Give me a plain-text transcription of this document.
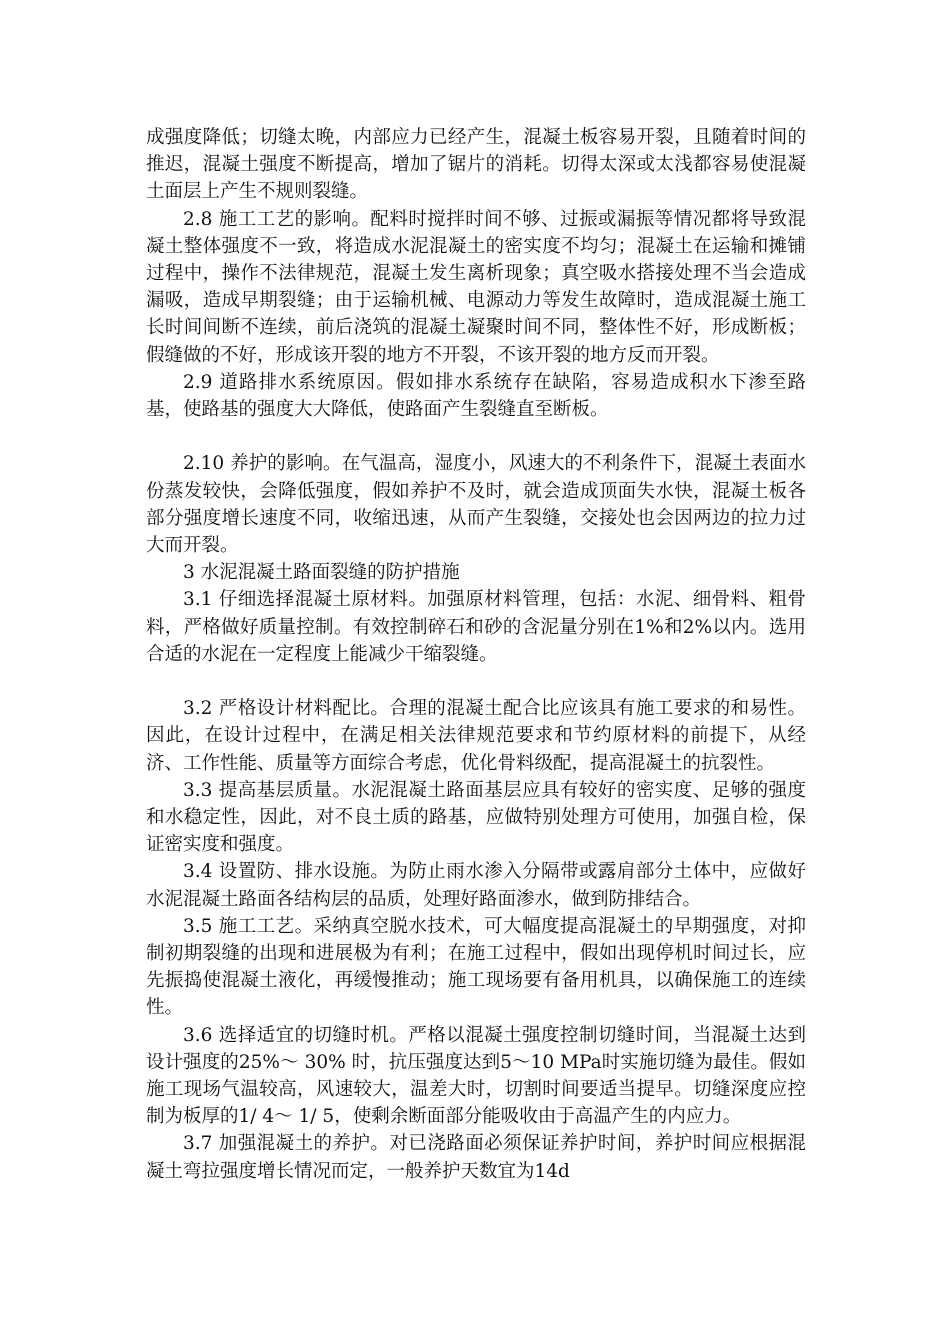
成强度降低；切缝太晚，内部应力已经产生，混凝土板容易开裂，且随着时间的推迟，混凝土强度不断提高，增加了锯片的消耗。切得太深或太浅都容易使混凝土面层上产生不规则裂缝。

2.8 施工工艺的影响。配料时搅拌时间不够、过振或漏振等情况都将导致混凝土整体强度不一致，将造成水泥混凝土的密实度不均匀；混凝土在运输和摊铺过程中，操作不法律规范，混凝土发生离析现象；真空吸水搭接处理不当会造成漏吸，造成早期裂缝；由于运输机械、电源动力等发生故障时，造成混凝土施工长时间间断不连续，前后浇筑的混凝土凝聚时间不同，整体性不好，形成断板；假缝做的不好，形成该开裂的地方不开裂，不该开裂的地方反而开裂。

2.9 道路排水系统原因。假如排水系统存在缺陷，容易造成积水下渗至路基，使路基的强度大大降低，使路面产生裂缝直至断板。

2.10 养护的影响。在气温高，湿度小，风速大的不利条件下，混凝土表面水份蒸发较快，会降低强度，假如养护不及时，就会造成顶面失水快，混凝土板各部分强度增长速度不同，收缩迅速，从而产生裂缝，交接处也会因两边的拉力过大而开裂。

3 水泥混凝土路面裂缝的防护措施

3.1 仔细选择混凝土原材料。加强原材料管理，包括：水泥、细骨料、粗骨料，严格做好质量控制。有效控制碎石和砂的含泥量分别在1%和2%以内。选用合适的水泥在一定程度上能减少干缩裂缝。

3.2 严格设计材料配比。合理的混凝土配合比应该具有施工要求的和易性。因此，在设计过程中，在满足相关法律规范要求和节约原材料的前提下，从经济、工作性能、质量等方面综合考虑，优化骨料级配，提高混凝土的抗裂性。

3.3 提高基层质量。水泥混凝土路面基层应具有较好的密实度、足够的强度和水稳定性，因此，对不良土质的路基，应做特别处理方可使用，加强自检，保证密实度和强度。

3.4 设置防、排水设施。为防止雨水渗入分隔带或露肩部分土体中，应做好水泥混凝土路面各结构层的品质，处理好路面渗水，做到防排结合。

3.5 施工工艺。采纳真空脱水技术，可大幅度提高混凝土的早期强度，对抑制初期裂缝的出现和进展极为有利；在施工过程中，假如出现停机时间过长，应先振捣使混凝土液化，再缓慢推动；施工现场要有备用机具，以确保施工的连续性。

3.6 选择适宜的切缝时机。严格以混凝土强度控制切缝时间，当混凝土达到设计强度的25%～ 30% 时，抗压强度达到5～10 MPa时实施切缝为最佳。假如施工现场气温较高，风速较大，温差大时，切割时间要适当提早。切缝深度应控制为板厚的1/ 4～ 1/ 5，使剩余断面部分能吸收由于高温产生的内应力。

3.7 加强混凝土的养护。对已浇路面必须保证养护时间，养护时间应根据混凝土弯拉强度增长情况而定，一般养护天数宜为14d
